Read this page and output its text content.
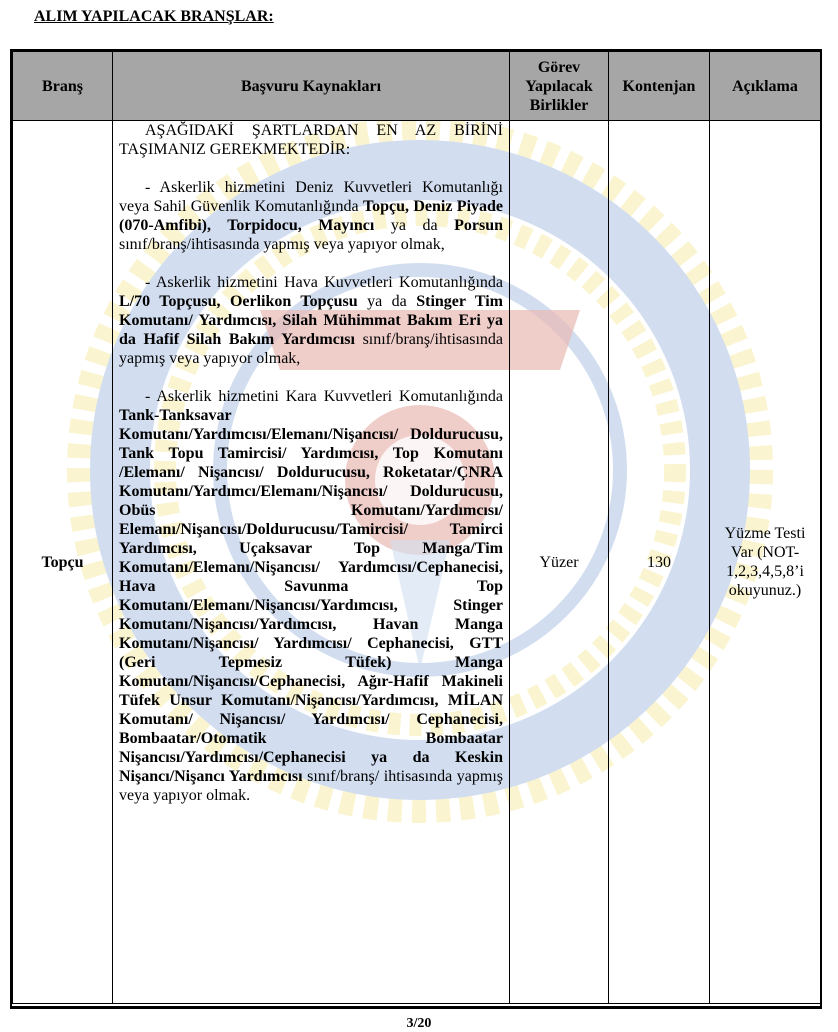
ALIM YAPILACAK BRANŞLAR:
Branş	Başvuru Kaynakları	Görev Yapılacak Birlikler	Kontenjan	Açıklama
Topçu	AŞAĞIDAKİ ŞARTLARDAN EN AZ BİRİNİ TAŞIMANIZ GEREKMEKTEDİR:

- Askerlik hizmetini Deniz Kuvvetleri Komutanlığı veya Sahil Güvenlik Komutanlığında Topçu, Deniz Piyade (070-Amfibi), Torpidocu, Mayıncı ya da Porsun sınıf/branş/ihtisasında yapmış veya yapıyor olmak,

- Askerlik hizmetini Hava Kuvvetleri Komutanlığında L/70 Topçusu, Oerlikon Topçusu ya da Stinger Tim Komutanı/ Yardımcısı, Silah Mühimmat Bakım Eri ya da Hafif Silah Bakım Yardımcısı sınıf/branş/ihtisasında yapmış veya yapıyor olmak,

- Askerlik hizmetini Kara Kuvvetleri Komutanlığında Tank-Tanksavar Komutanı/Yardımcısı/Elemanı/Nişancısı/ Doldurucusu, Tank Topu Tamircisi/ Yardımcısı, Top Komutanı /Elemanı/ Nişancısı/ Doldurucusu, Roketatar/ÇNRA Komutanı/Yardımcı/Elemanı/Nişancısı/ Doldurucusu, Obüs Komutanı/Yardımcısı/ Elemanı/Nişancısı/Doldurucusu/Tamircisi/ Tamirci Yardımcısı, Uçaksavar Top Manga/Tim Komutanı/Elemanı/Nişancısı/ Yardımcısı/Cephanecisi, Hava Savunma Top Komutanı/Elemanı/Nişancısı/Yardımcısı, Stinger Komutanı/Nişancısı/Yardımcısı, Havan Manga Komutanı/Nişancısı/ Yardımcısı/ Cephanecisi, GTT (Geri Tepmesiz Tüfek) Manga Komutanı/Nişancısı/Cephanecisi, Ağır-Hafif Makineli Tüfek Unsur Komutanı/Nişancısı/Yardımcısı, MİLAN Komutanı/ Nişancısı/ Yardımcısı/ Cephanecisi, Bombaatar/Otomatik Bombaatar Nişancısı/Yardımcısı/Cephanecisi ya da Keskin Nişancı/Nişancı Yardımcısı sınıf/branş/ ihtisasında yapmış veya yapıyor olmak.	Yüzer	130	Yüzme Testi Var (NOT-1,2,3,4,5,8’i okuyunuz.)
3/20
